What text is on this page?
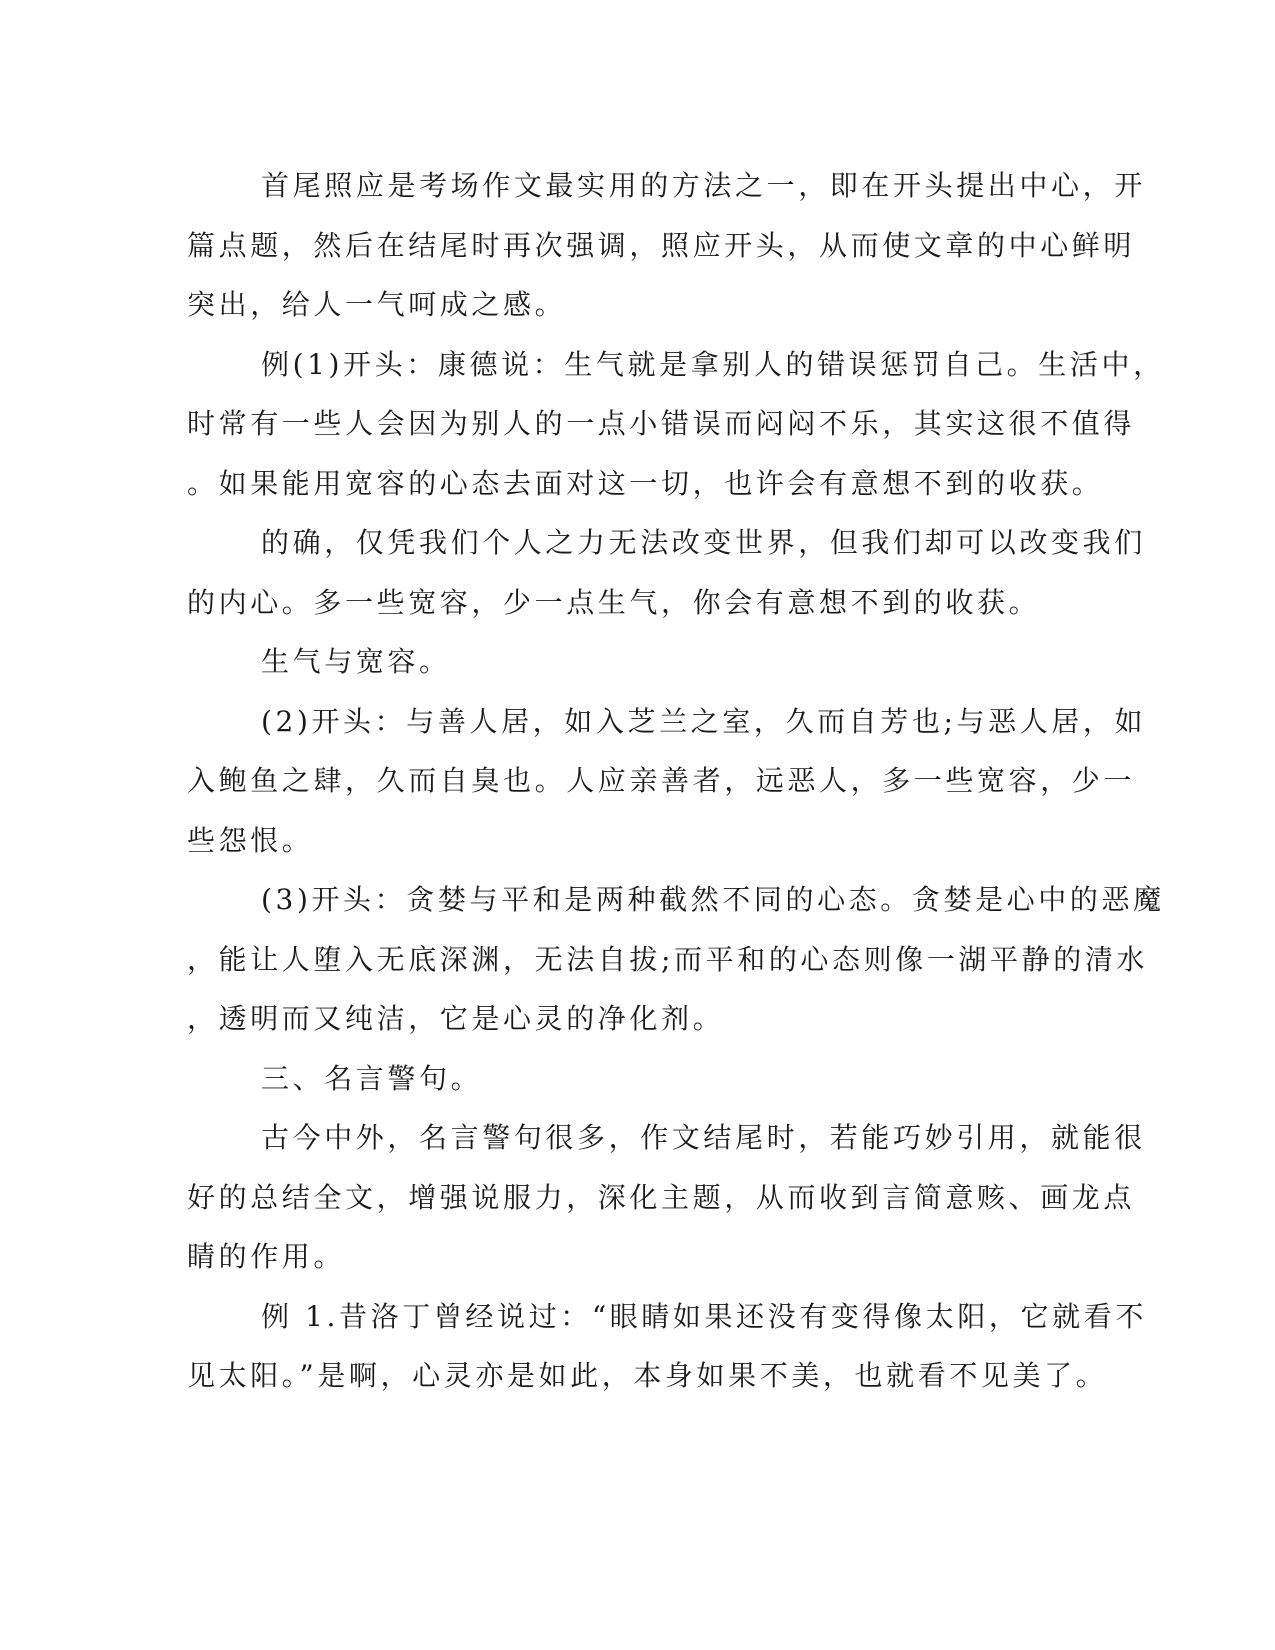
首尾照应是考场作文最实用的方法之一，即在开头提出中心，开
篇点题，然后在结尾时再次强调，照应开头，从而使文章的中心鲜明
突出，给人一气呵成之感。
例(1)开头：康德说：生气就是拿别人的错误惩罚自己。生活中，
时常有一些人会因为别人的一点小错误而闷闷不乐，其实这很不值得
。如果能用宽容的心态去面对这一切，也许会有意想不到的收获。
的确，仅凭我们个人之力无法改变世界，但我们却可以改变我们
的内心。多一些宽容，少一点生气，你会有意想不到的收获。
生气与宽容。
(2)开头：与善人居，如入芝兰之室，久而自芳也;与恶人居，如
入鲍鱼之肆，久而自臭也。人应亲善者，远恶人，多一些宽容，少一
些怨恨。
(3)开头：贪婪与平和是两种截然不同的心态。贪婪是心中的恶魔
，能让人堕入无底深渊，无法自拔;而平和的心态则像一湖平静的清水
，透明而又纯洁，它是心灵的净化剂。
三、名言警句。
古今中外，名言警句很多，作文结尾时，若能巧妙引用，就能很
好的总结全文，增强说服力，深化主题，从而收到言简意赅、画龙点
睛的作用。
例 1.昔洛丁曾经说过：“眼睛如果还没有变得像太阳，它就看不
见太阳。”是啊，心灵亦是如此，本身如果不美，也就看不见美了。
